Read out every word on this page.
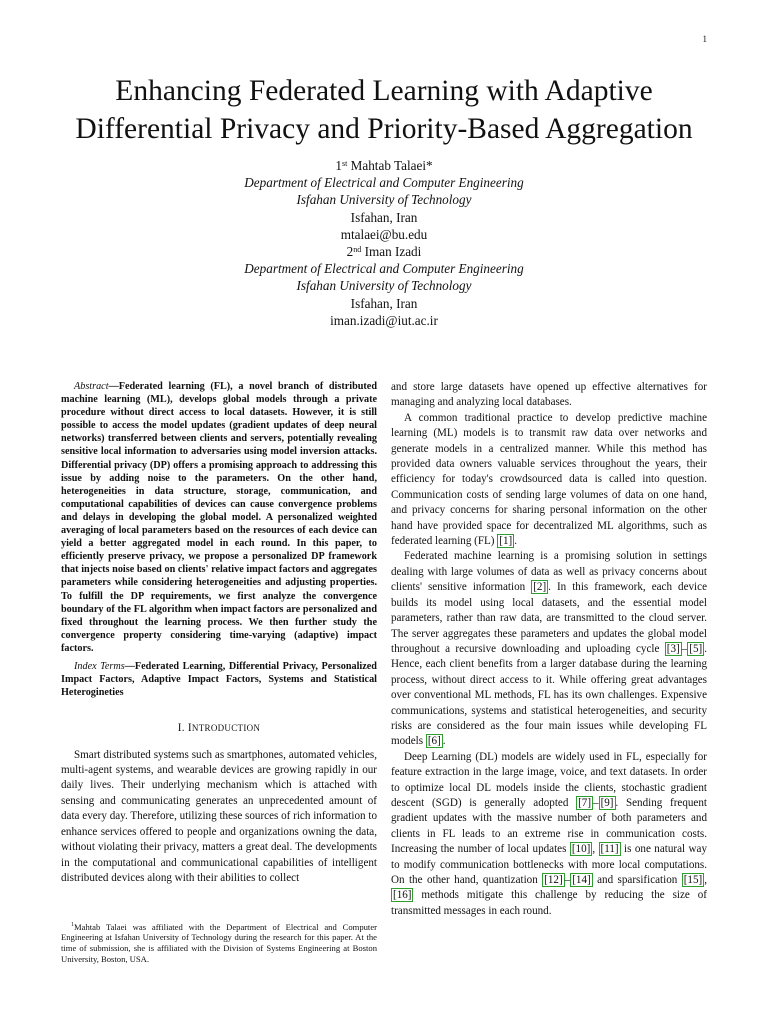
1
Enhancing Federated Learning with Adaptive
Differential Privacy and Priority-Based Aggregation
1st Mahtab Talaei*
Department of Electrical and Computer Engineering
Isfahan University of Technology
Isfahan, Iran
mtalaei@bu.edu
2nd Iman Izadi
Department of Electrical and Computer Engineering
Isfahan University of Technology
Isfahan, Iran
iman.izadi@iut.ac.ir

Abstract—Federated learning (FL), a novel branch of distributed machine learning (ML), develops global models through a private procedure without direct access to local datasets. However, it is still possible to access the model updates (gradient updates of deep neural networks) transferred between clients and servers, potentially revealing sensitive local information to adversaries using model inversion attacks. Differential privacy (DP) offers a promising approach to addressing this issue by adding noise to the parameters. On the other hand, heterogeneities in data structure, storage, communication, and computational capabilities of devices can cause convergence problems and delays in developing the global model. A personalized weighted averaging of local parameters based on the resources of each device can yield a better aggregated model in each round. In this paper, to efficiently preserve privacy, we propose a personalized DP framework that injects noise based on clients' relative impact factors and aggregates parameters while considering heterogeneities and adjusting properties. To fulfill the DP requirements, we first analyze the convergence boundary of the FL algorithm when impact factors are personalized and fixed throughout the learning process. We then further study the convergence property considering time-varying (adaptive) impact factors.

Index Terms—Federated Learning, Differential Privacy, Personalized Impact Factors, Adaptive Impact Factors, Systems and Statistical Heterogineties

I. INTRODUCTION

Smart distributed systems such as smartphones, automated vehicles, multi-agent systems, and wearable devices are growing rapidly in our daily lives. Their underlying mechanism which is attached with sensing and communicating generates an unprecedented amount of data every day. Therefore, utilizing these sources of rich information to enhance services offered to people and organizations owning the data, without violating their privacy, matters a great deal. The developments in the computational and communicational capabilities of intelligent distributed devices along with their abilities to collect

$^1$Mahtab Talaei was affiliated with the Department of Electrical and Computer Engineering at Isfahan University of Technology during the research for this paper. At the time of submission, she is affiliated with the Division of Systems Engineering at Boston University, Boston, USA.

and store large datasets have opened up effective alternatives for managing and analyzing local databases.

A common traditional practice to develop predictive machine learning (ML) models is to transmit raw data over networks and generate models in a centralized manner. While this method has provided data owners valuable services throughout the years, their efficiency for today's crowdsourced data is called into question. Communication costs of sending large volumes of data on one hand, and privacy concerns for sharing personal information on the other hand have provided space for decentralized ML algorithms, such as federated learning (FL) [1] .

Federated machine learning is a promising solution in settings dealing with large volumes of data as well as privacy concerns about clients' sensitive information [2] . In this framework, each device builds its model using local datasets, and the essential model parameters, rather than raw data, are transmitted to the cloud server. The server aggregates these parameters and updates the global model throughout a recursive downloading and uploading cycle [3] – [5] . Hence, each client benefits from a larger database during the learning process, without direct access to it. While offering great advantages over conventional ML methods, FL has its own challenges. Expensive communications, systems and statistical heterogeneities, and security risks are considered as the four main issues while developing FL models [6] .

Deep Learning (DL) models are widely used in FL, especially for feature extraction in the large image, voice, and text datasets. In order to optimize local DL models inside the clients, stochastic gradient descent (SGD) is generally adopted [7] – [9] . Sending frequent gradient updates with the massive number of both parameters and clients in FL leads to an extreme rise in communication costs. Increasing the number of local updates [10] , [11] is one natural way to modify communication bottlenecks with more local computations. On the other hand, quantization [12] – [14] and sparsification [15] , [16] methods mitigate this challenge by reducing the size of transmitted messages in each round.
